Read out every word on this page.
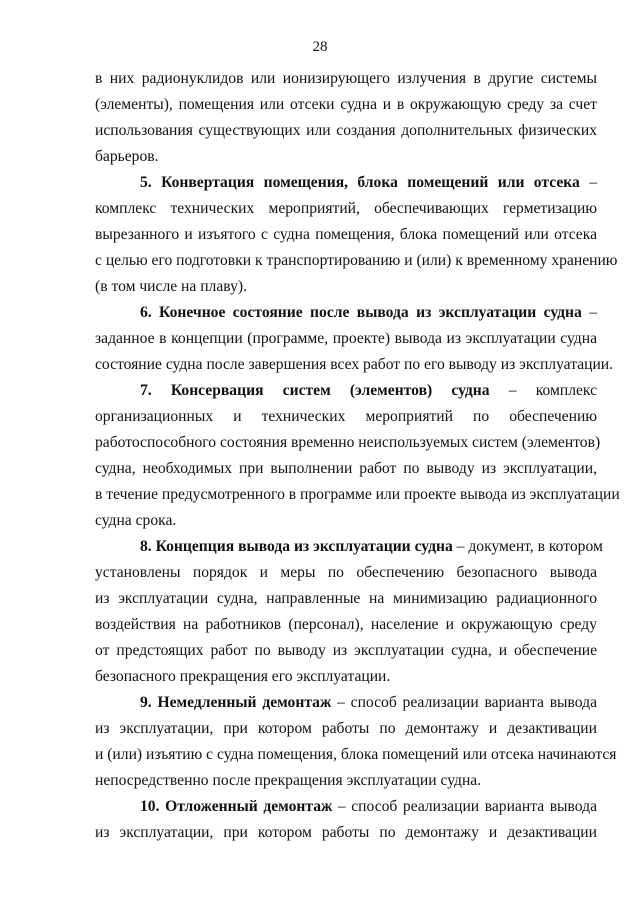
28
в них радионуклидов или ионизирующего излучения в другие системы
(элементы), помещения или отсеки судна и в окружающую среду за счет
использования существующих или создания дополнительных физических
барьеров.
5. Конвертация помещения, блока помещений или отсека –
комплекс технических мероприятий, обеспечивающих герметизацию
вырезанного и изъятого с судна помещения, блока помещений или отсека
с целью его подготовки к транспортированию и (или) к временному хранению
(в том числе на плаву).
6. Конечное состояние после вывода из эксплуатации судна –
заданное в концепции (программе, проекте) вывода из эксплуатации судна
состояние судна после завершения всех работ по его выводу из эксплуатации.
7. Консервация систем (элементов) судна – комплекс
организационных и технических мероприятий по обеспечению
работоспособного состояния временно неиспользуемых систем (элементов)
судна, необходимых при выполнении работ по выводу из эксплуатации,
в течение предусмотренного в программе или проекте вывода из эксплуатации
судна срока.
8. Концепция вывода из эксплуатации судна – документ, в котором
установлены порядок и меры по обеспечению безопасного вывода
из эксплуатации судна, направленные на минимизацию радиационного
воздействия на работников (персонал), население и окружающую среду
от предстоящих работ по выводу из эксплуатации судна, и обеспечение
безопасного прекращения его эксплуатации.
9. Немедленный демонтаж – способ реализации варианта вывода
из эксплуатации, при котором работы по демонтажу и дезактивации
и (или) изъятию с судна помещения, блока помещений или отсека начинаются
непосредственно после прекращения эксплуатации судна.
10. Отложенный демонтаж – способ реализации варианта вывода
из эксплуатации, при котором работы по демонтажу и дезактивации
